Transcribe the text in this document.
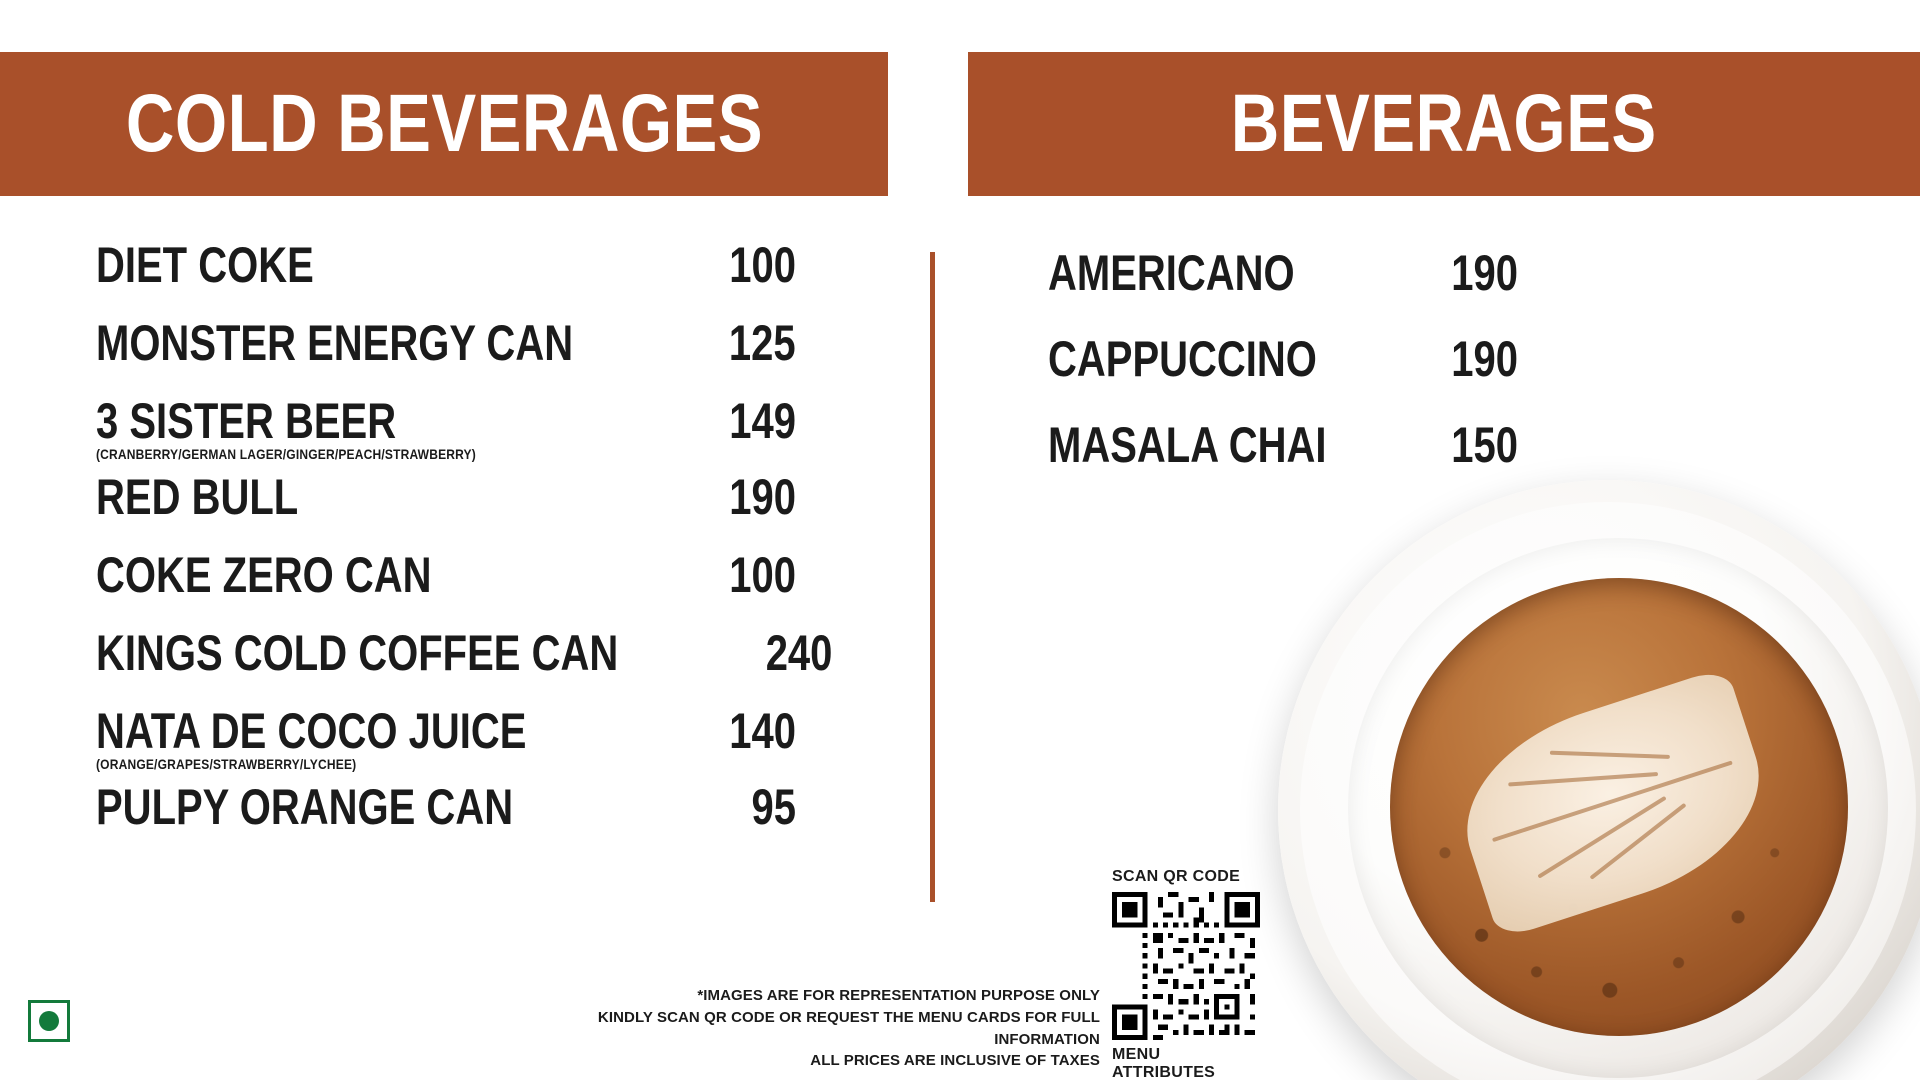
COLD BEVERAGES	BEVERAGES
DIET COKE	100
MONSTER ENERGY CAN	125
3 SISTER BEER	149
(CRANBERRY/GERMAN LAGER/GINGER/PEACH/STRAWBERRY)
RED BULL	190
COKE ZERO CAN	100
KINGS COLD COFFEE CAN	240
NATA DE COCO JUICE	140
(ORANGE/GRAPES/STRAWBERRY/LYCHEE)
PULPY ORANGE CAN	95
AMERICANO	190
CAPPUCCINO	190
MASALA CHAI	150
*IMAGES ARE FOR REPRESENTATION PURPOSE ONLY
KINDLY SCAN QR CODE OR REQUEST THE MENU CARDS FOR FULL INFORMATION
ALL PRICES ARE INCLUSIVE OF TAXES
SCAN QR CODE
MENU ATTRIBUTES
